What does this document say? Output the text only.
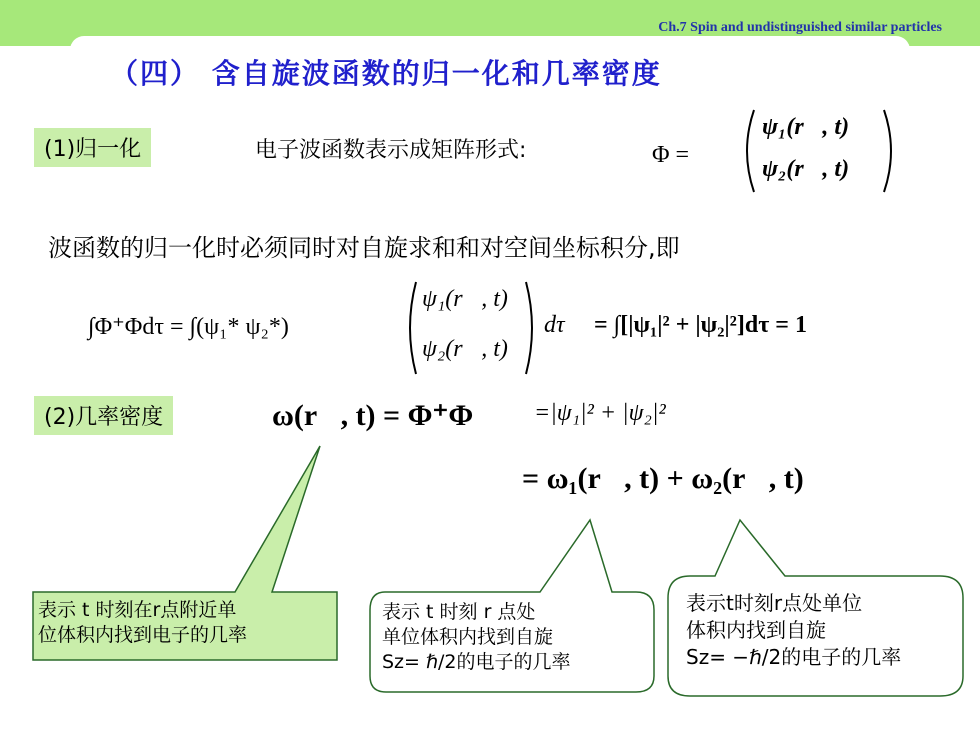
Ch.7 Spin and undistinguished similar particles
（四） 含自旋波函数的归一化和几率密度
(1)归一化	电子波函数表示成矩阵形式:	Φ =
ψ₁(r⃗, t)
ψ₂(r⃗, t)
波函数的归一化时必须同时对自旋求和和对空间坐标积分,即
∫Φ⁺Φdτ = ∫(ψ₁* ψ₂*)
ψ₁(r⃗, t)
ψ₂(r⃗, t)
dτ = ∫[|ψ₁|² + |ψ₂|²]dτ = 1
(2)几率密度	ω(r⃗, t) = Φ⁺Φ	=|ψ₁|² + |ψ₂|²
= ω₁(r⃗, t) + ω₂(r⃗, t)
表示 t 时刻在r点附近单
位体积内找到电子的几率
表示 t 时刻 r 点处
单位体积内找到自旋
Sz= ℏ/2的电子的几率
表示t时刻r点处单位
体积内找到自旋
Sz= −ℏ/2的电子的几率
